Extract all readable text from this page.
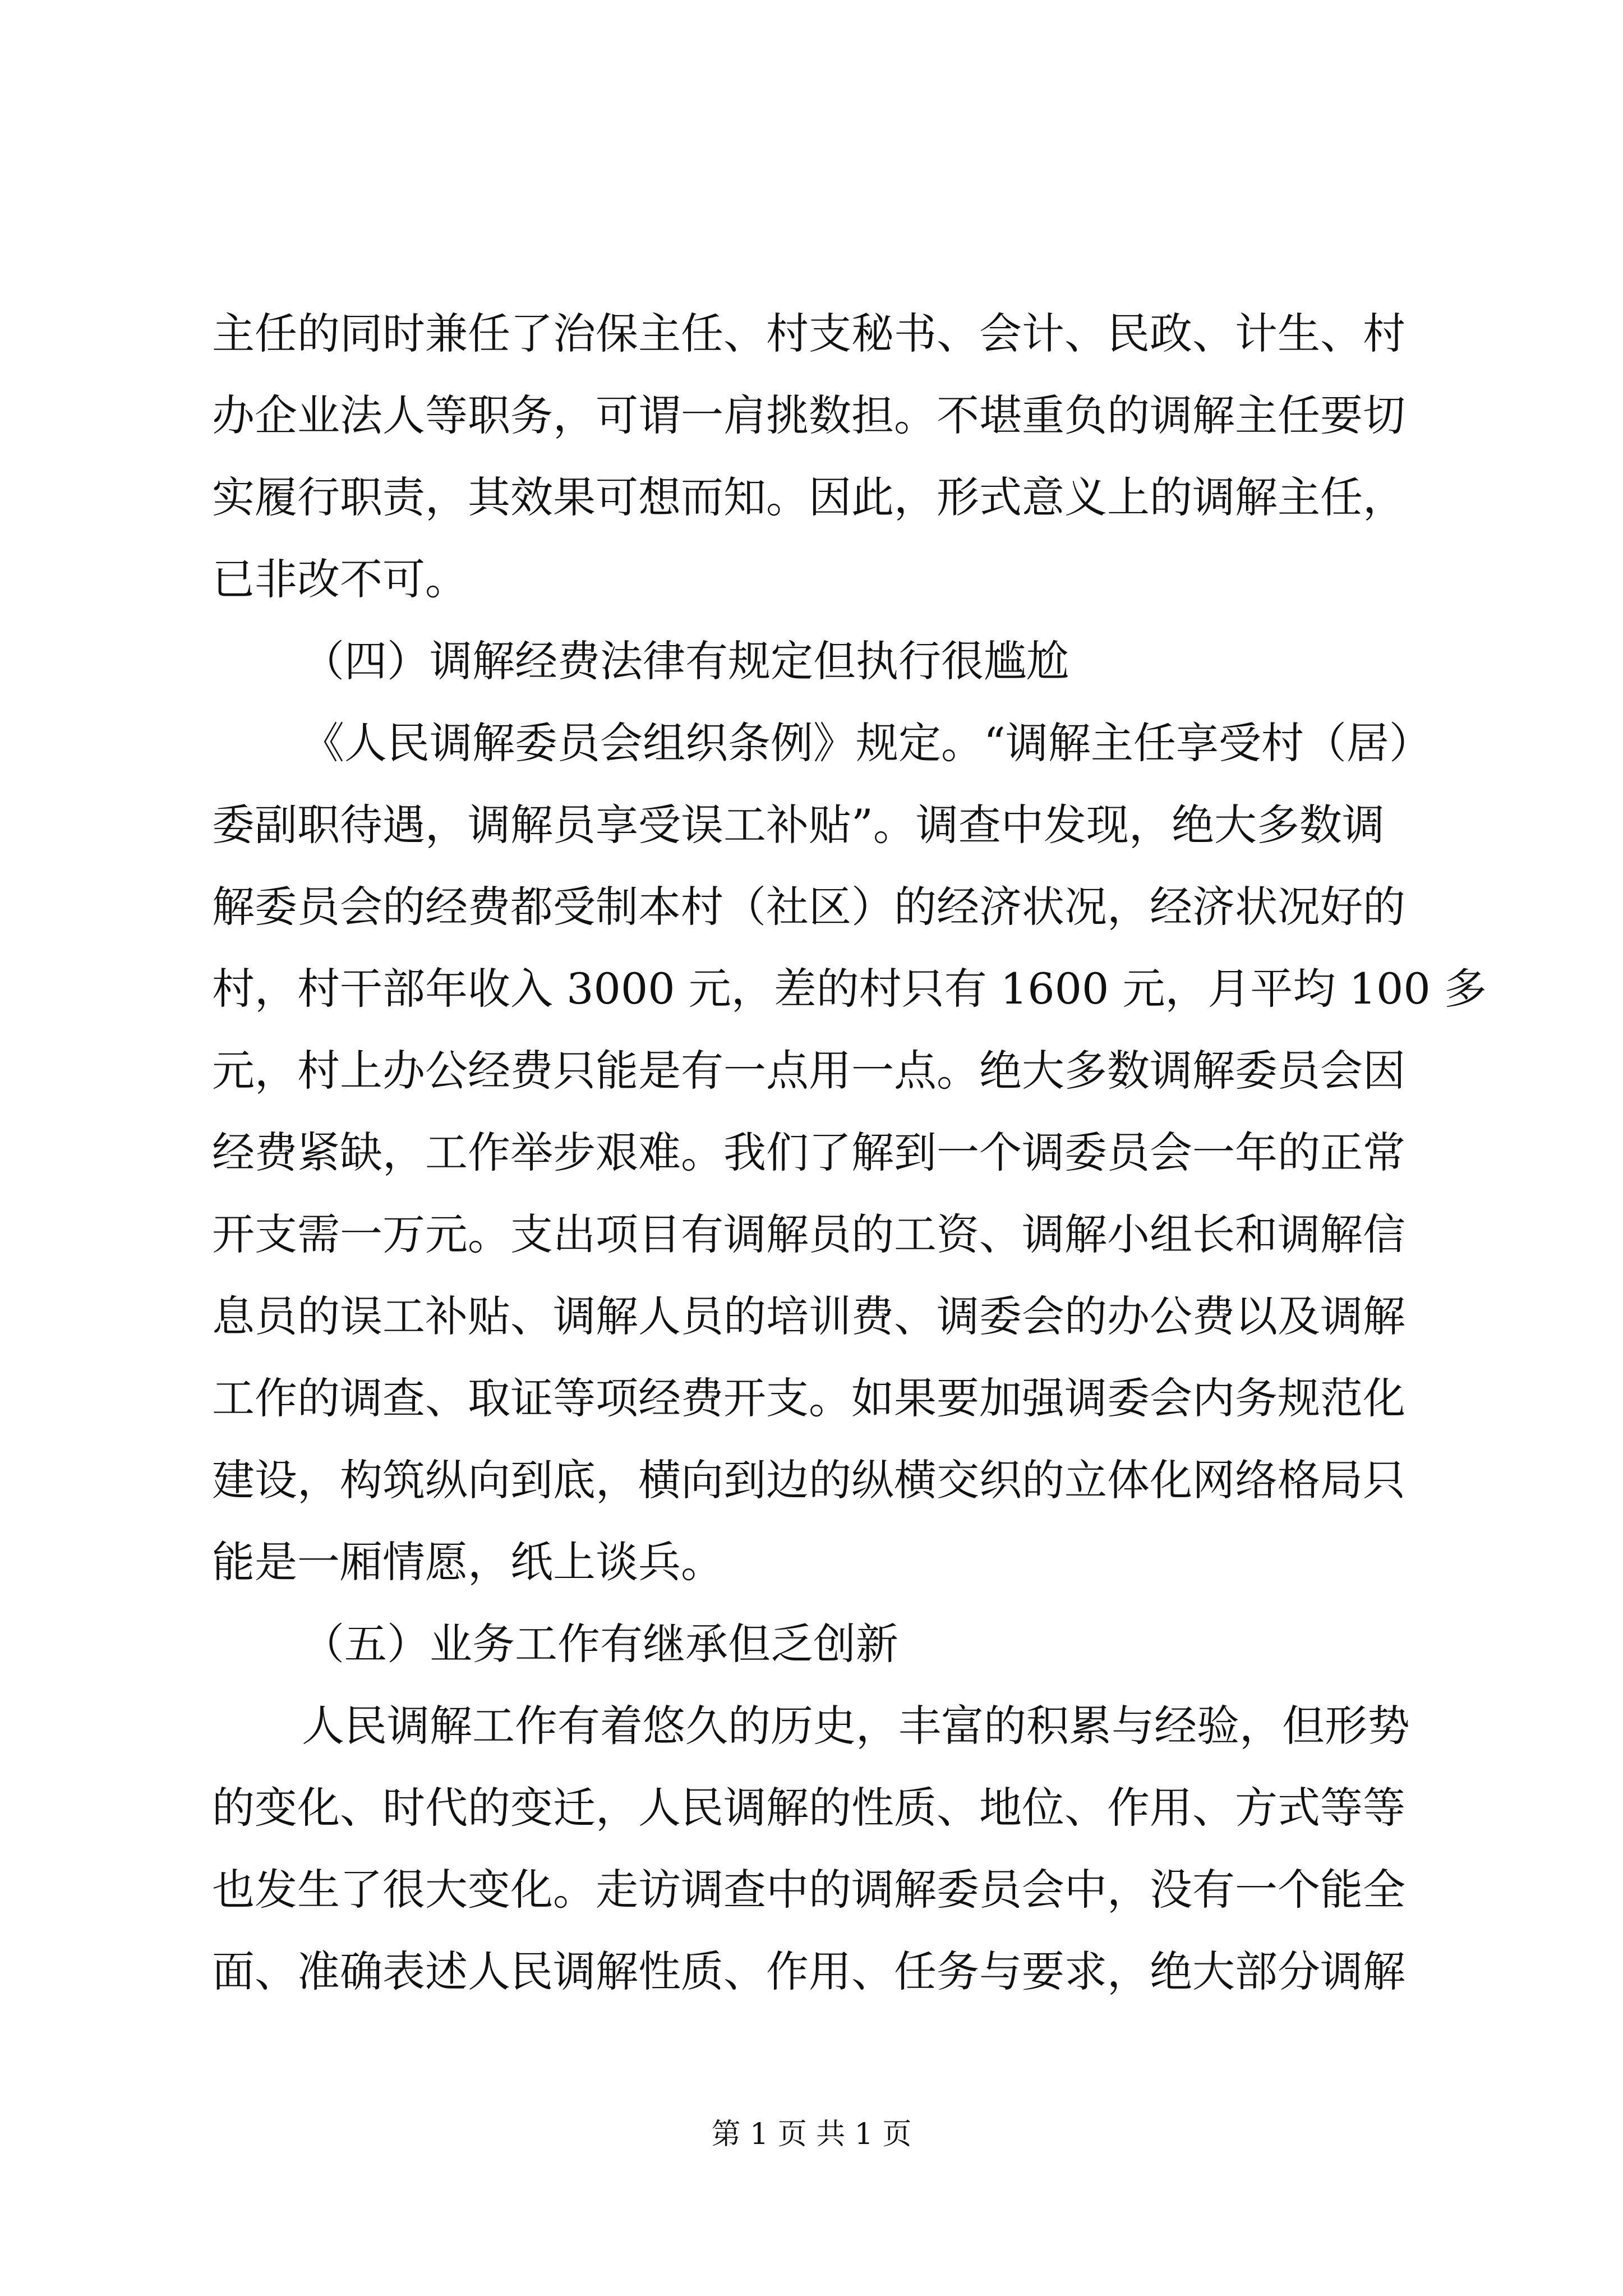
主任的同时兼任了治保主任、村支秘书、会计、民政、计生、村
办企业法人等职务，可谓一肩挑数担。不堪重负的调解主任要切
实履行职责，其效果可想而知。因此，形式意义上的调解主任，
已非改不可。
（四）调解经费法律有规定但执行很尴尬
《人民调解委员会组织条例》规定。“调解主任享受村（居）
委副职待遇，调解员享受误工补贴”。调查中发现，绝大多数调
解委员会的经费都受制本村（社区）的经济状况，经济状况好的
村，村干部年收入 3000 元，差的村只有 1600 元，月平均 100 多
元，村上办公经费只能是有一点用一点。绝大多数调解委员会因
经费紧缺，工作举步艰难。我们了解到一个调委员会一年的正常
开支需一万元。支出项目有调解员的工资、调解小组长和调解信
息员的误工补贴、调解人员的培训费、调委会的办公费以及调解
工作的调查、取证等项经费开支。如果要加强调委会内务规范化
建设，构筑纵向到底，横向到边的纵横交织的立体化网络格局只
能是一厢情愿，纸上谈兵。
（五）业务工作有继承但乏创新
人民调解工作有着悠久的历史，丰富的积累与经验，但形势
的变化、时代的变迁，人民调解的性质、地位、作用、方式等等
也发生了很大变化。走访调查中的调解委员会中，没有一个能全
面、准确表述人民调解性质、作用、任务与要求，绝大部分调解
第 1 页 共 1 页
